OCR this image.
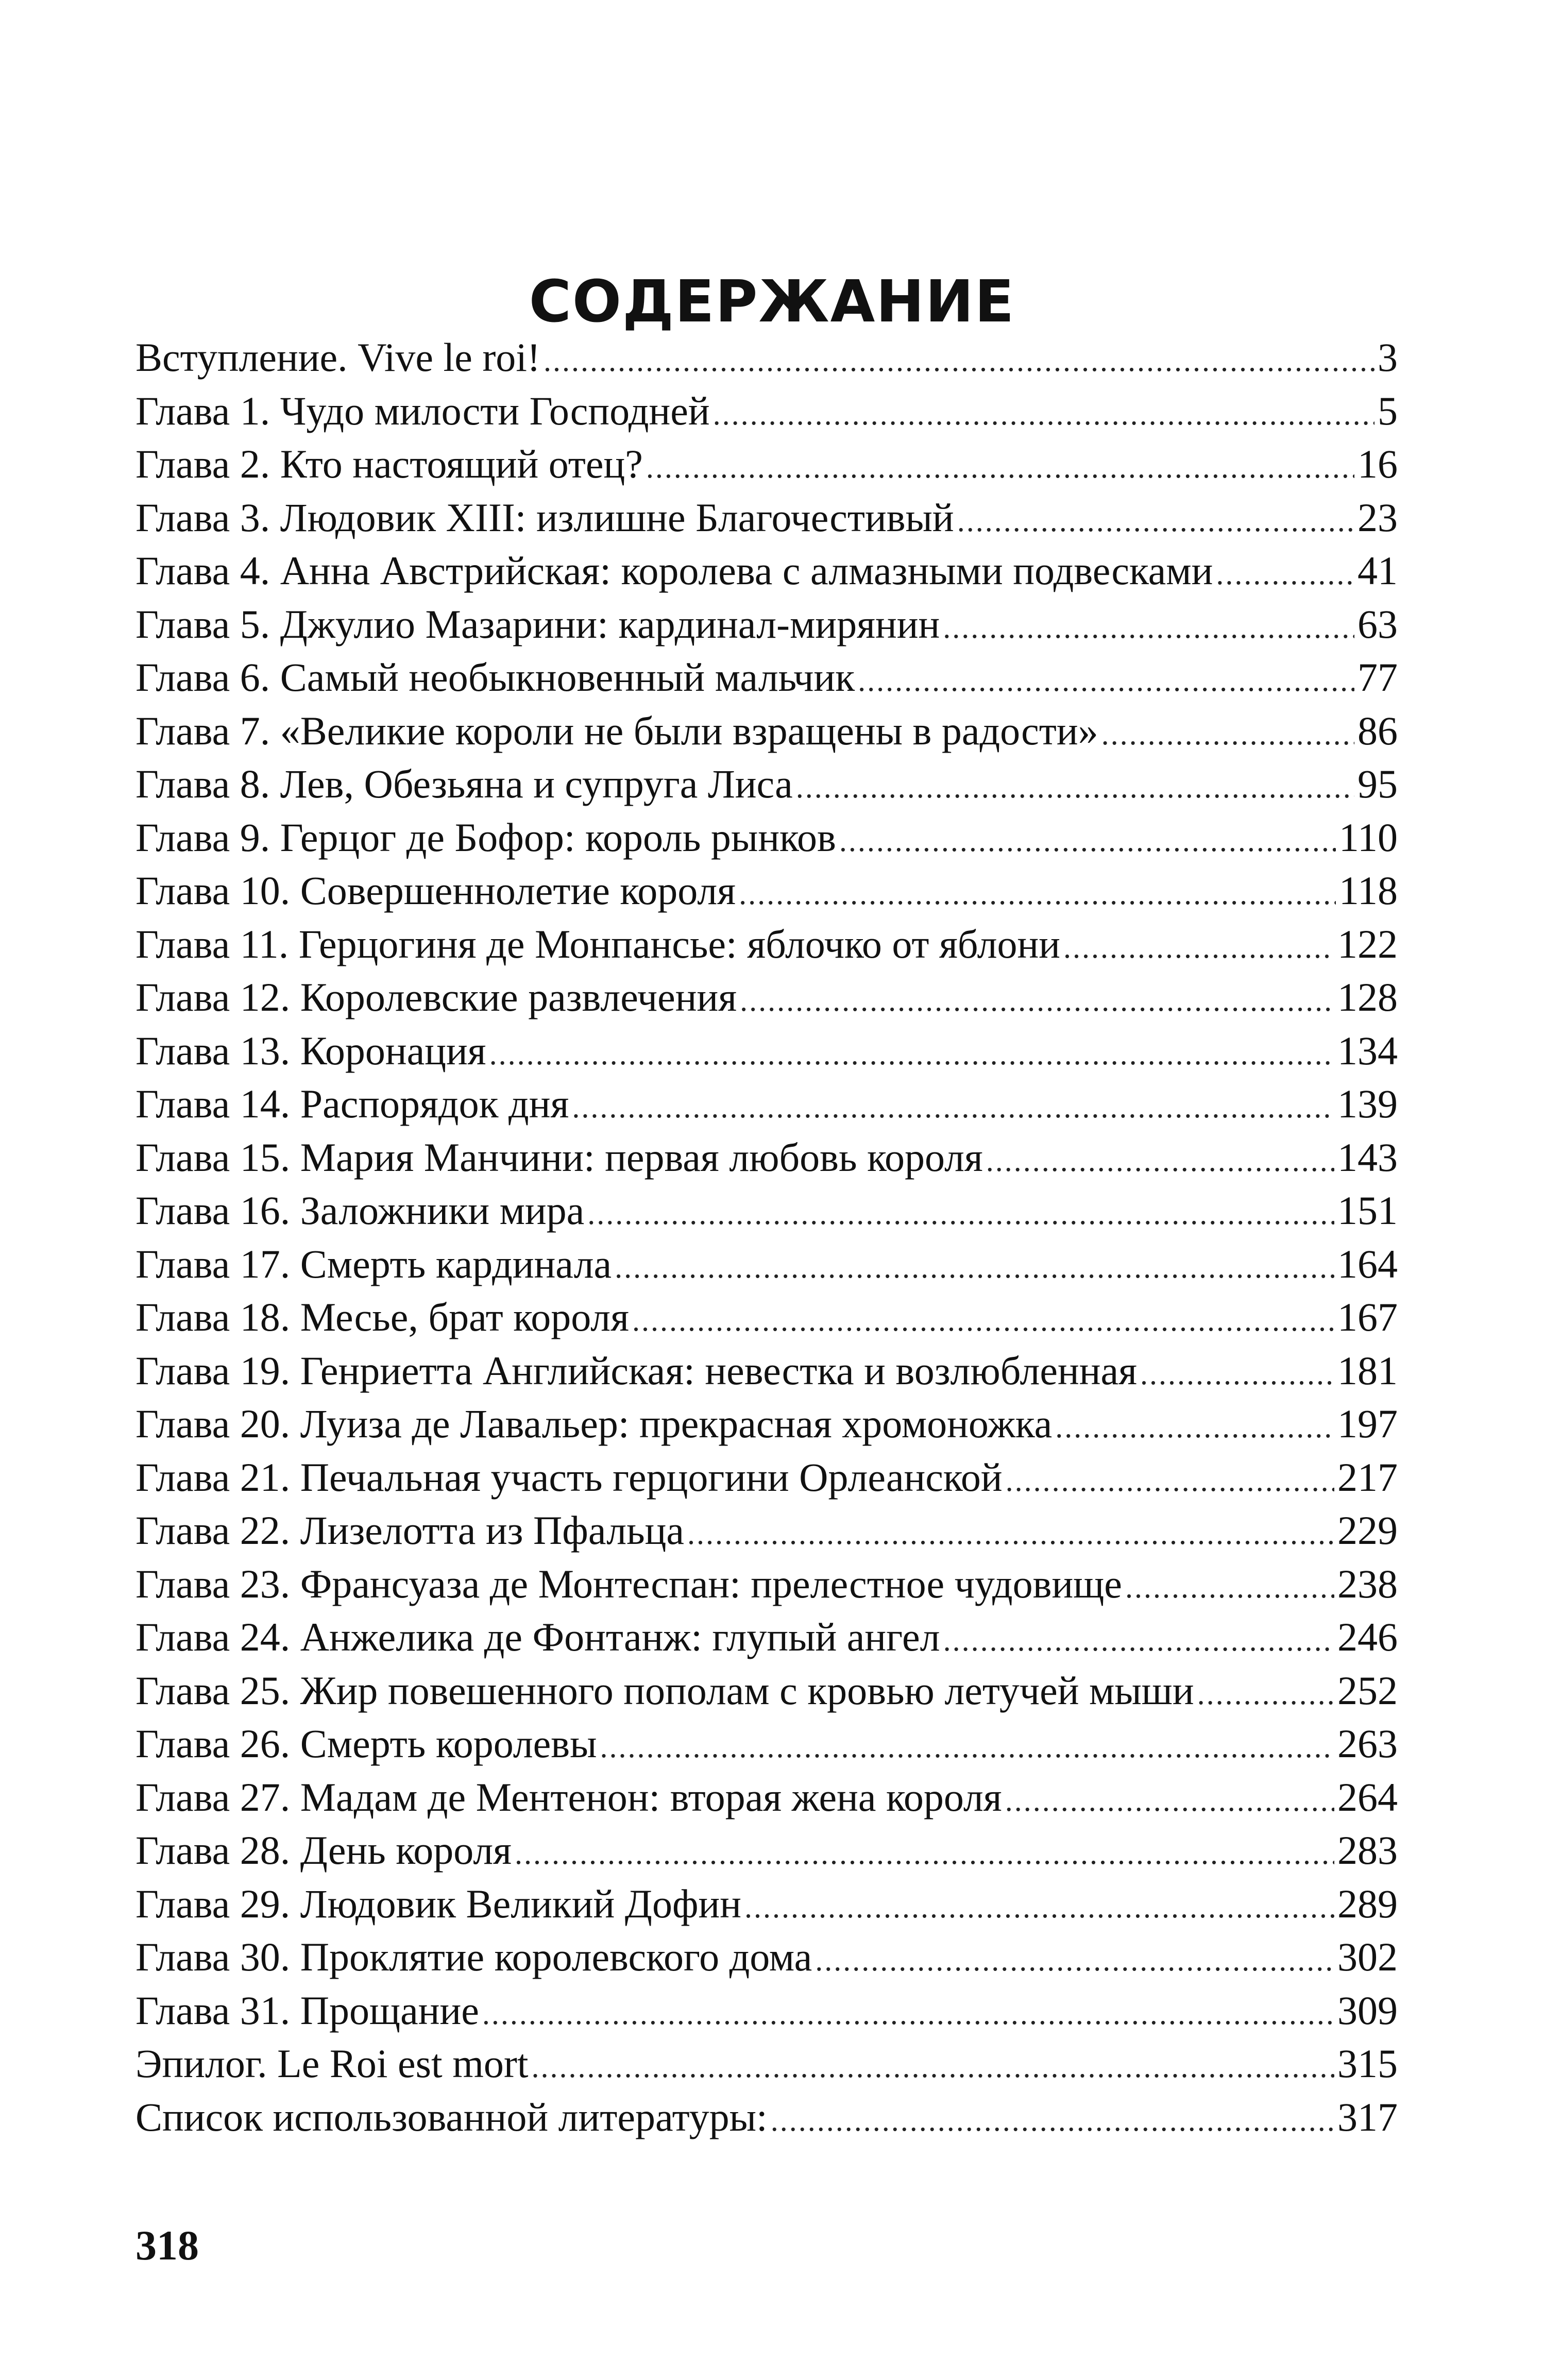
СОДЕРЖАНИЕ
Вступление. Vive le roi! .....	3
Глава 1. Чудо милости Господней .....	5
Глава 2. Кто настоящий отец? .....	16
Глава 3. Людовик XIII: излишне Благочестивый .....	23
Глава 4. Анна Австрийская: королева с алмазными подвесками .....	41
Глава 5. Джулио Мазарини: кардинал-мирянин .....	63
Глава 6. Самый необыкновенный мальчик .....	77
Глава 7. «Великие короли не были взращены в радости» .....	86
Глава 8. Лев, Обезьяна и супруга Лиса .....	95
Глава 9. Герцог де Бофор: король рынков .....	110
Глава 10. Совершеннолетие короля .....	118
Глава 11. Герцогиня де Монпансье: яблочко от яблони .....	122
Глава 12. Королевские развлечения .....	128
Глава 13. Коронация .....	134
Глава 14. Распорядок дня .....	139
Глава 15. Мария Манчини: первая любовь короля .....	143
Глава 16. Заложники мира .....	151
Глава 17. Смерть кардинала .....	164
Глава 18. Месье, брат короля .....	167
Глава 19. Генриетта Английская: невестка и возлюбленная .....	181
Глава 20. Луиза де Лавальер: прекрасная хромоножка .....	197
Глава 21. Печальная участь герцогини Орлеанской .....	217
Глава 22. Лизелотта из Пфальца .....	229
Глава 23. Франсуаза де Монтеспан: прелестное чудовище .....	238
Глава 24. Анжелика де Фонтанж: глупый ангел .....	246
Глава 25. Жир повешенного пополам с кровью летучей мыши .....	252
Глава 26. Смерть королевы .....	263
Глава 27. Мадам де Ментенон: вторая жена короля .....	264
Глава 28. День короля .....	283
Глава 29. Людовик Великий Дофин .....	289
Глава 30. Проклятие королевского дома .....	302
Глава 31. Прощание .....	309
Эпилог. Le Roi est mort .....	315
Список использованной литературы: .....	317
318
